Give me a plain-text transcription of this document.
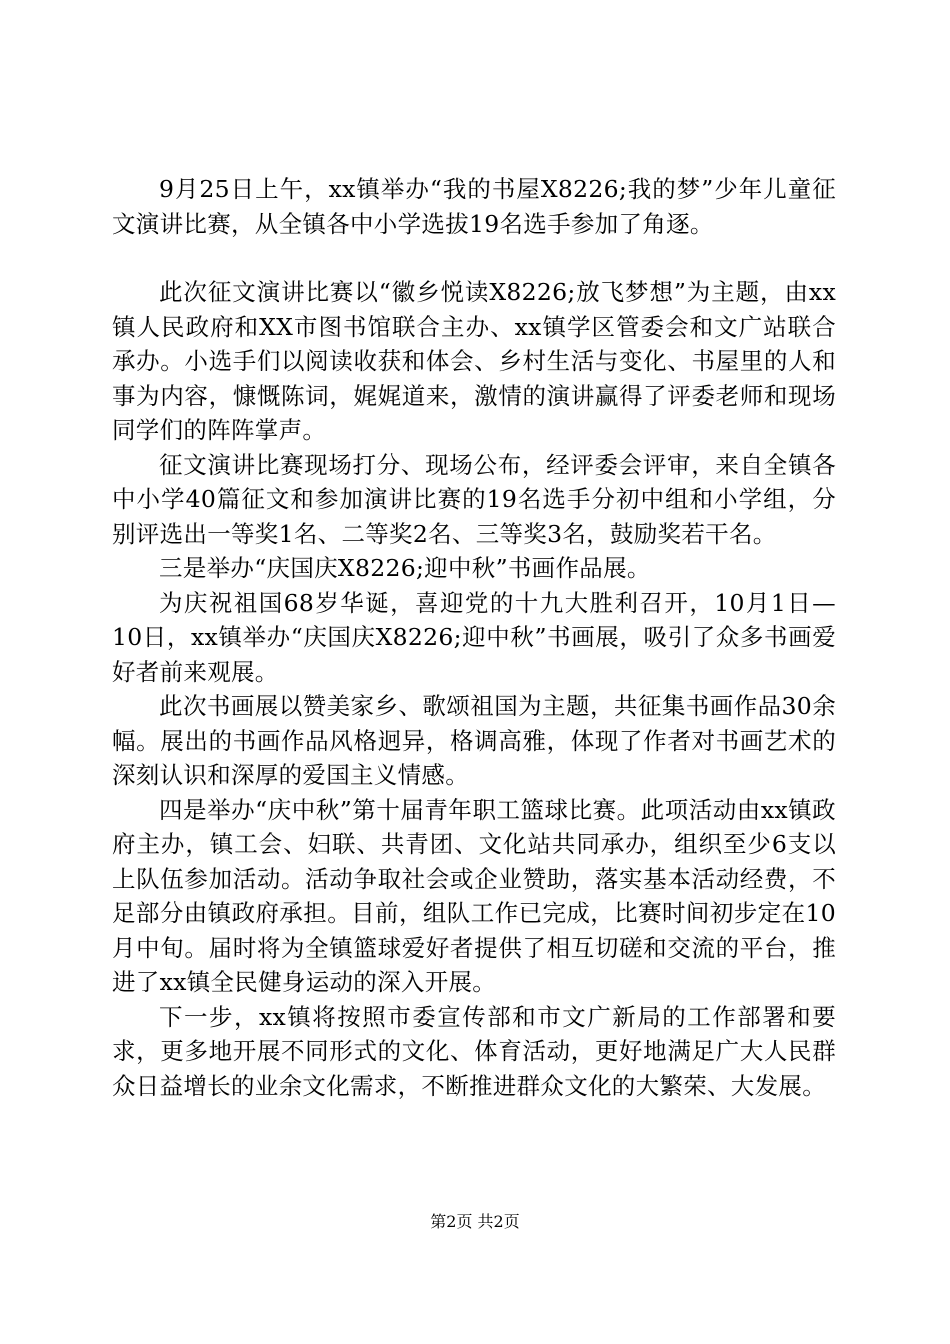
9月25日上午，xx镇举办“我的书屋X8226;我的梦”少年儿童征文演讲比赛，从全镇各中小学选拔19名选手参加了角逐。

此次征文演讲比赛以“徽乡悦读X8226;放飞梦想”为主题，由xx镇人民政府和XX市图书馆联合主办、xx镇学区管委会和文广站联合承办。小选手们以阅读收获和体会、乡村生活与变化、书屋里的人和事为内容，慷慨陈词，娓娓道来，激情的演讲赢得了评委老师和现场同学们的阵阵掌声。

征文演讲比赛现场打分、现场公布，经评委会评审，来自全镇各中小学40篇征文和参加演讲比赛的19名选手分初中组和小学组，分别评选出一等奖1名、二等奖2名、三等奖3名，鼓励奖若干名。

三是举办“庆国庆X8226;迎中秋”书画作品展。

为庆祝祖国68岁华诞，喜迎党的十九大胜利召开，10月1日—10日，xx镇举办“庆国庆X8226;迎中秋”书画展，吸引了众多书画爱好者前来观展。

此次书画展以赞美家乡、歌颂祖国为主题，共征集书画作品30余幅。展出的书画作品风格迥异，格调高雅，体现了作者对书画艺术的深刻认识和深厚的爱国主义情感。

四是举办“庆中秋”第十届青年职工篮球比赛。此项活动由xx镇政府主办，镇工会、妇联、共青团、文化站共同承办，组织至少6支以上队伍参加活动。活动争取社会或企业赞助，落实基本活动经费，不足部分由镇政府承担。目前，组队工作已完成，比赛时间初步定在10月中旬。届时将为全镇篮球爱好者提供了相互切磋和交流的平台，推进了xx镇全民健身运动的深入开展。

下一步，xx镇将按照市委宣传部和市文广新局的工作部署和要求，更多地开展不同形式的文化、体育活动，更好地满足广大人民群众日益增长的业余文化需求，不断推进群众文化的大繁荣、大发展。

第2页 共2页
